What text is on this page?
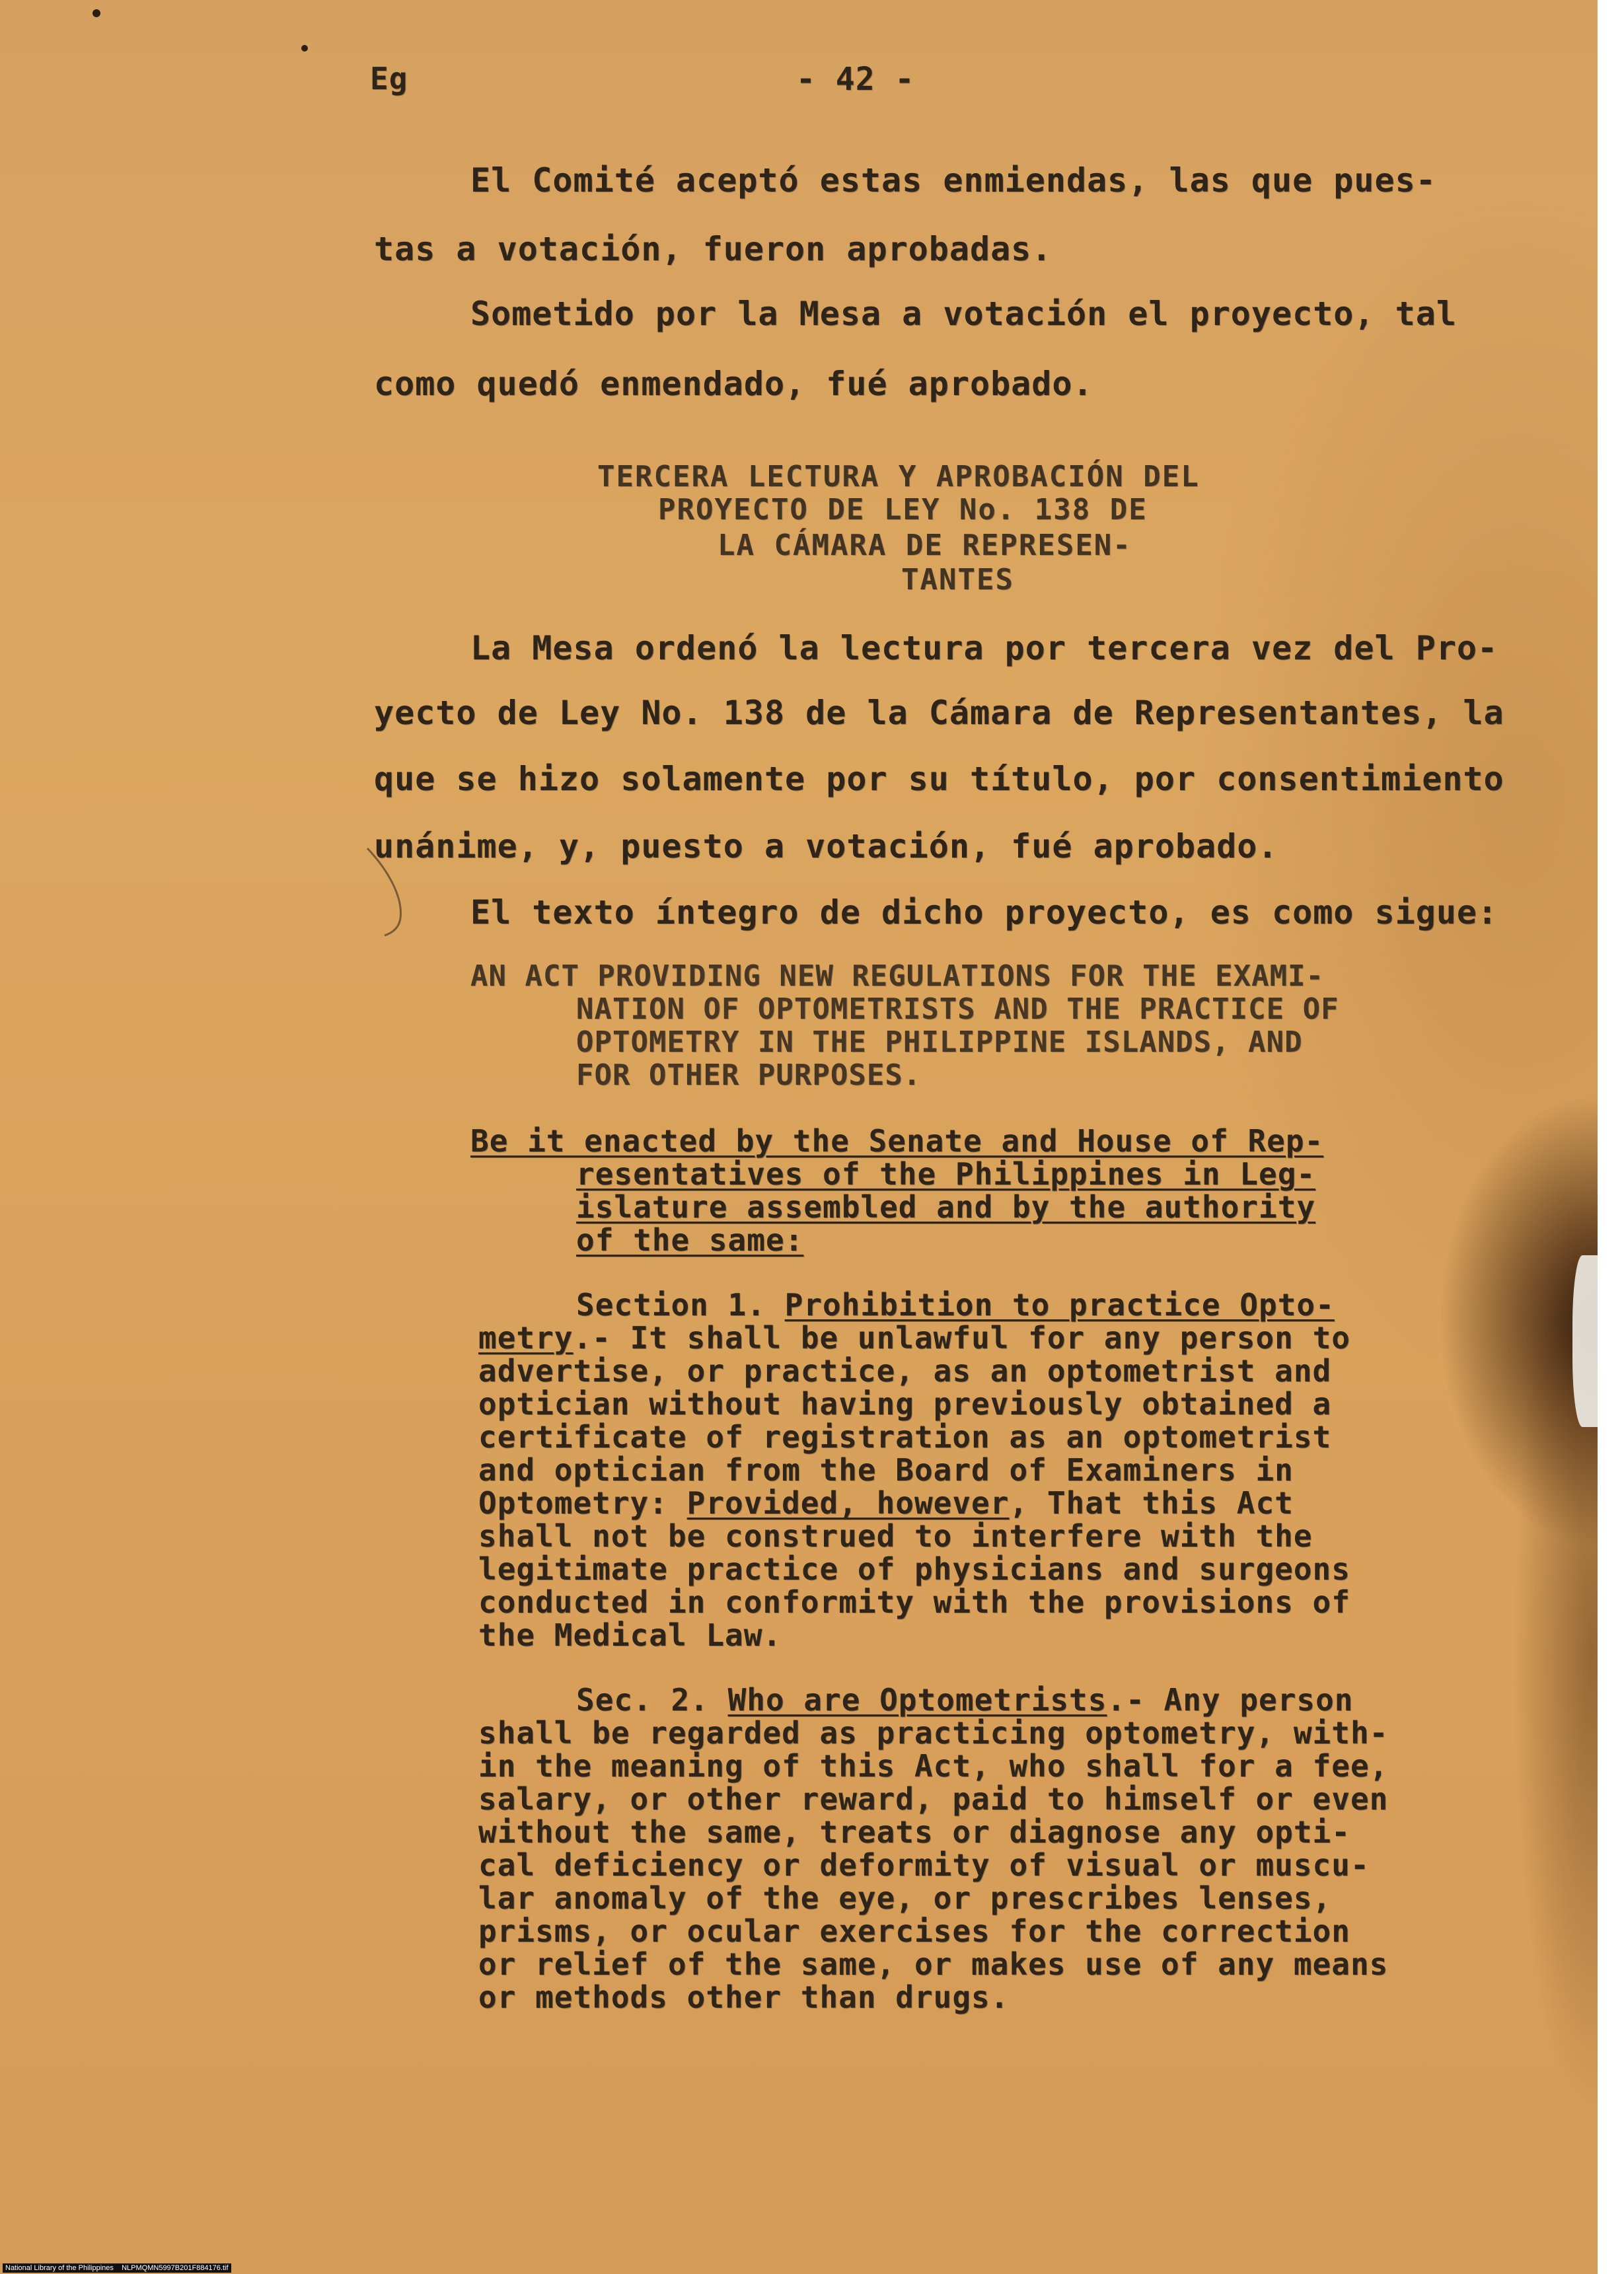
Eg	- 42 -
El Comité aceptó estas enmiendas, las que pues-
tas a votación, fueron aprobadas.
Sometido por la Mesa a votación el proyecto, tal
como quedó enmendado, fué aprobado.
TERCERA LECTURA Y APROBACIÓN DEL
PROYECTO DE LEY No. 138 DE
LA CÁMARA DE REPRESEN-
TANTES
La Mesa ordenó la lectura por tercera vez del Pro-
yecto de Ley No. 138 de la Cámara de Representantes, la
que se hizo solamente por su título, por consentimiento
unánime, y, puesto a votación, fué aprobado.
El texto íntegro de dicho proyecto, es como sigue:
AN ACT PROVIDING NEW REGULATIONS FOR THE EXAMI-
NATION OF OPTOMETRISTS AND THE PRACTICE OF
OPTOMETRY IN THE PHILIPPINE ISLANDS, AND
FOR OTHER PURPOSES.
Be it enacted by the Senate and House of Rep-
resentatives of the Philippines in Leg-
islature assembled and by the authority
of the same:
Section 1. Prohibition to practice Opto-
metry.- It shall be unlawful for any person to
advertise, or practice, as an optometrist and
optician without having previously obtained a
certificate of registration as an optometrist
and optician from the Board of Examiners in
Optometry: Provided, however, That this Act
shall not be construed to interfere with the
legitimate practice of physicians and surgeons
conducted in conformity with the provisions of
the Medical Law.
Sec. 2. Who are Optometrists.- Any person
shall be regarded as practicing optometry, with-
in the meaning of this Act, who shall for a fee,
salary, or other reward, paid to himself or even
without the same, treats or diagnose any opti-
cal deficiency or deformity of visual or muscu-
lar anomaly of the eye, or prescribes lenses,
prisms, or ocular exercises for the correction
or relief of the same, or makes use of any means
or methods other than drugs.
National Library of the Philippines    NLPMQMN5997B201F884176.tif
